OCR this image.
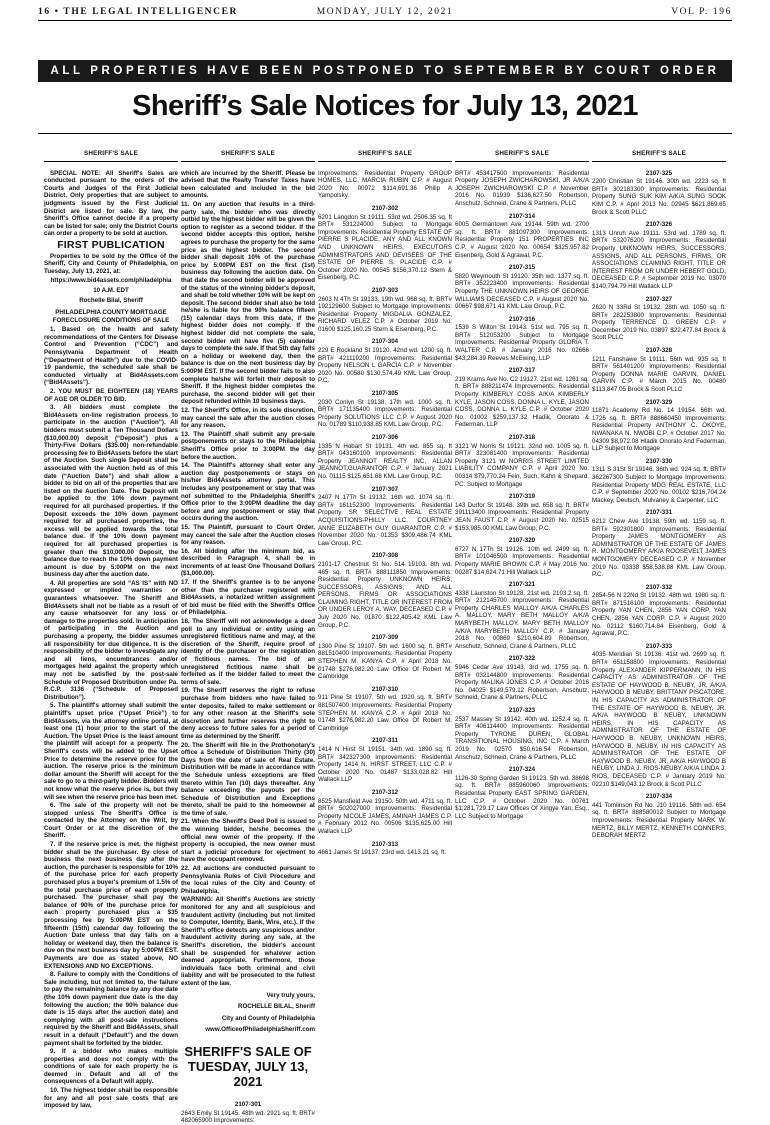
16 • THE LEGAL INTELLIGENCER	MONDAY, JULY 12, 2021	VOL P. 196
ALL PROPERTIES HAVE BEEN POSTPONED TO SEPTEMBER BY COURT ORDER
Sheriff’s Sale Notices for July 13, 2021
SHERIFF'S SALE

SPECIAL NOTE: All Sheriff's Sales are conducted pursuant to the orders of the Courts and Judges of the First Judicial District. Only properties that are subject to judgments issued by the First Judicial District are listed for sale. By law, the Sheriff's Office cannot decide if a property can be listed for sale; only the District Courts can order a property to be sold at auction.

FIRST PUBLICATION

Properties to be sold by the Office of the Sheriff, City and County of Philadelphia, on Tuesday, July 13, 2021, at:

https://www.bid4assets.com/philadelphia
10 A.M. EDT
Rochelle Bilal, Sheriff
PHILADELPHIA COUNTY MORTGAGE FORECLOSURE CONDITIONS OF SALE

1. Based on the health and safety recommendations of the Centers for Disease Control and Prevention (“CDC”) and Pennsylvania Department of Health (“Department of Health”) due to the COVID-19 pandemic, the scheduled sale shall be conducted virtually at Bid4Assets.com (“Bid4Assets”).

2. YOU MUST BE EIGHTEEN (18) YEARS OF AGE OR OLDER TO BID.

3. All bidders must complete the Bid4Assets on-line registration process to participate in the auction (“Auction”). All bidders must submit a Ten Thousand Dollars ($10,000.00) deposit (“Deposit”) plus a Thirty-Five Dollars ($35.00) non-refundable processing fee to Bid4Assets before the start of the Auction. Such single Deposit shall be associated with the Auction held as of this date (“Auction Date”) and shall allow a bidder to bid on all of the properties that are listed on the Auction Date. The Deposit will be applied to the 10% down payment required for all purchased properties. If the Deposit exceeds the 10% down payment required for all purchased properties, the excess will be applied towards the total balance due. If the 10% down payment required for all purchased properties is greater than the $10,000.00 Deposit, the balance due to reach the 10% down payment amount is due by 5:00PM on the next business day after the auction date.

4. All properties are sold “AS IS” with NO expressed or implied warranties or guarantees whatsoever. The Sheriff and Bid4Assets shall not be liable as a result of any cause whatsoever for any loss or damage to the properties sold. In anticipation of participating in the Auction and purchasing a property, the bidder assumes all responsibility for due diligence. It is the responsibility of the bidder to investigate any and all liens, encumbrances and/or mortgages held against the property which may not be satisfied by the post-sale Schedule of Proposed Distribution under Pa. R.C.P. 3136 (“Schedule of Proposed Distribution”).

5. The plaintiff's attorney shall submit the plaintiff's upset price (“Upset Price”) to Bid4Assets, via the attorney online portal, at least one (1) hour prior to the start of the Auction. The Upset Price is the least amount the plaintiff will accept for a property. The Sheriff's costs will be added to the Upset Price to determine the reserve price for the auction. The reserve price is the minimum dollar amount the Sheriff will accept for the sale to go to a third-party bidder. Bidders will not know what the reserve price is, but they will see when the reserve price has been met.

6. The sale of the property will not be stopped unless The Sheriff's Office is contacted by the Attorney on the Writ, by Court Order or at the discretion of the Sheriff.

7. If the reserve price is met, the highest bidder shall be the purchaser. By close of business the next business day after the auction, the purchaser is responsible for 10% of the purchase price for each property purchased plus a buyer's premium of 1.5% of the total purchase price of each property purchased. The purchaser shall pay the balance of 90% of the purchase price for each property purchased plus a $35 processing fee by 5:00PM EST on the fifteenth (15th) calendar day following the Auction Date unless that day falls on a holiday or weekend day, then the balance is due on the next business day by 5:00PM EST. Payments are due as stated above, NO EXTENSIONS AND NO EXCEPTIONS.

8. Failure to comply with the Conditions of Sale including, but not limited to, the failure to pay the remaining balance by any due date (the 10% down payment due date is the day following the auction; the 90% balance due date is 15 days after the auction date) and complying with all post-sale instructions required by the Sheriff and Bid4Assets, shall result in a default (“Default”) and the down payment shall be forfeited by the bidder.

9. If a bidder who makes multiple properties and does not comply with the conditions of sale for each property he is deemed in Default and all of the consequences of a Default will apply.

10. The highest bidder shall be responsible for any and all post sale costs that are imposed by law,

SHERIFF'S SALE

which are incurred by the Sheriff. Please be advised that the Realty Transfer Taxes have been calculated and included in the bid amounts.

11. On any auction that results in a third-party sale, the bidder who was directly outbid by the highest bidder will be given the option to register as a second bidder. If the second bidder accepts this option, he/she agrees to purchase the property for the same price as the highest bidder. The second bidder shall deposit 10% of the purchase price by 5:00PM EST on the first (1st) business day following the auction date. On that date the second bidder will be approved of the status of the winning bidder's deposit, and shall be told whether 10% will be kept on deposit. The second bidder shall also be told he/she is liable for the 90% balance fifteen (15) calendar days from this date, if the highest bidder does not comply. If the highest bidder did not complete the sale, second bidder will have five (5) calendar days to complete the sale. If that 5th day falls on a holiday or weekend day, then the balance is due on the next business day by 5:00PM EST. If the second bidder fails to also complete he/she will forfeit their deposit to Sheriff. If the highest bidder completes the purchase, the second bidder will get their deposit refunded within 10 business days.

12. The Sheriff's Office, in its sole discretion, may cancel the sale after the auction closes for any reason.

13. The Plaintiff shall submit any pre-sale postponements or stays to the Philadelphia Sheriff's Office prior to 3:00PM the day before the auction.

14. The Plaintiff's attorney shall enter any auction day postponements or stays on his/her Bid4Assets attorney portal. This includes any postponement or stay that was not submitted to the Philadelphia Sheriff's Office prior to the 3:00PM deadline the day before and any postponement or stay that occurs during the auction.

15. The Plaintiff, pursuant to Court Order, may cancel the sale after the Auction closes for any reason.

16. All bidding after the minimum bid, as described in Paragraph 4, shall be in increments of at least One Thousand Dollars ($1,000.00).

17. If the Sheriff's grantee is to be anyone other than the purchaser registered with Bid4Assets, a notarized written assignment of bid must be filed with the Sheriff's Office of Philadelphia.

18. The Sheriff will not acknowledge a deed poll to any individual or entity using an unregistered fictitious name and may, at the discretion of the Sheriff, require proof of identity of the purchaser or the registration of fictitious names. The bid of an unregistered fictitious name shall be forfeited as if the bidder failed to meet the terms of sale.

19. The Sheriff reserves the right to refuse purchase from bidders who have failed to enter deposits, failed to make settlement or for any other reason at the Sheriff's sole discretion and further reserves the right to deny access to future sales for a period of time as determined by the Sheriff.

20. The Sheriff will file in the Prothonotary's office a Schedule of Distribution Thirty (30) Days from the date of sale of Real Estate. Distribution will be made in accordance with the Schedule unless exceptions are filed thereto within Ten (10) days thereafter. Any balance exceeding the payouts per the Schedule of Distribution and Exceptions thereto, shall be paid to the homeowner at the time of sale.

21. When the Sheriff's Deed Poll is issued to the winning bidder, he/she becomes the official new owner of the property. If the property is occupied, the new owner must start a judicial procedure for ejectment to have the occupant removed.

22. All auctions are conducted pursuant to Pennsylvania Rules of Civil Procedure and the local rules of the City and County of Philadelphia.

WARNING: All Sheriff's Auctions are strictly monitored for any and all suspicious and fraudulent activity (including but not limited to Computer, Identity, Bank, Wire, etc.). If the Sheriff's office detects any suspicious and/or fraudulent activity during any sale, at the Sheriff's discretion, the bidder's account shall be suspended for whatever action deemed appropriate. Furthermore, those individuals face both criminal and civil liability and will be prosecuted to the fullest extent of the law.

Very truly yours,
ROCHELLE BILAL, Sheriff
City and County of Philadelphia
www.OfficeofPhiladelphiaSheriff.com
SHERIFF'S SALE OF TUESDAY, JULY 13, 2021
2107-301
2643 Emily St 19145. 48th wd. 2921 sq. ft. BRT# 482065900 Improvements:
SHERIFF'S SALE
Improvements: Residential Property GROUP HOMES, LLC, MARCIA RUBIN C.P. # August 2020 No. 00972 $114,691.36 Philip A Yampolsky.
2107-302
6201 Langdon St 19111. 53rd wd. 2506.35 sq. ft BRT# 531224000 Subject to Mortgage Improvements: Residential Property ESTATE OF PIERRE S PLACIDE, ANY AND ALL KNOWN AND UNKNOWN HEIRS, EXECUTORS ADMINISTRATORS AND DEVISEES OF THE ESTATE OF PIERRE S. PLACIDE C.P. # October 2020 No. 00545 $156,370.12 Stern & Eisenberg, P.C.
2107-303
2603 N 4Th St 19133. 19th wd. 968 sq. ft. BRT# 192129600 Subject to Mortgage Improvements: Residential Property MIGDALIA GONZALEZ, RICHARD VELEZ C.P. # October 2019 No. 01600 $125,160.25 Stern & Eisenberg, P.C.
2107-304
229 E Rockland St 19120. 42nd wd. 1200 sq. ft. BRT# 421119200 Improvements: Residential Property NELSON L GARCIA C.P. # November 2020 No. 00580 $130,574.49 KML Law Group, P.C.
2107-305
2030 Conlyn St 19138. 17th wd. 1000 sq. ft. BRT# 171135400 Improvements: Residential Property SOLUTIONS LLC C.P. # August 2020 No. 01789 $110,938.85 KML Law Group, P.C.
2107-306
1335 N Hobart St 19131. 4th wd. 855 sq. ft BRT# 043160100 Improvements: Residential Property JEANNOT REALTY INC, ALLAN JEANNOT,GUARANTOR C.P. # January 2021 No. 01115 $125,651.68 KML Law Group, P.C.
2107-307
2407 N 17Th St 19132. 16th wd. 1074 sq. ft. BRT# 161152300 Improvements: Residential Property SR SELECTIVE REAL ESTATE ACQUISITIONS-PHILLY LLC, COURTNEY ANNE ELIZABETH GUY GUARANTOR C.P. # November 2020 No. 01353 $309,486.74 KML Law Group, P.C.
2107-308
2101-17 Chestnut St No. 514 19103. 8th wd. 465 sq. ft. BRT# 888111850 Improvements: Residential Property UNKNOWN HEIRS, SUCCESSORS, ASSIGNS, AND ALL PERSONS, FIRMS OR ASSOCIATIONS CLAIMING RIGHT, TITLE OR INTEREST FROM OR UNDER LEROY A. WAY, DECEASED C.P. # July 2020 No. 01870 $122,405.42 KML Law Group, P.C.
2107-309
1300 Pine St 19107. 5th wd. 1600 sq. ft. BRT# 881510400 Improvements: Residential Property STEPHEN M. KANYA C.P. # April 2018 No. 01748 $276,982.20 Law Office Of Robert M. Cambridge
2107-310
911 Pine St 19107. 5th wd. 1920 sq. ft. BRT# 881507400 Improvements: Residential Property STEPHEN M. KANYA C.P. # April 2018 No. 01748 $276,982.20 Law Office Of Robert M. Cambridge
2107-311
1414 N Hirst St 19151. 34th wd. 1890 sq. ft. BRT# 342327300 Improvements: Residential Property 1414 N. HIRST STREET, LLC C.P. # October 2020 No. 01487 $133,028.82 Hill Wallack LLP
2107-312
8525 Mansfield Ave 19150. 50th wd. 4711 sq. ft. BRT# 502027000 Improvements: Residential Property NICOLE JAMES, AMINAH JAMES C.P. # February 2012 No. 00506 $135,625.00 Hill Wallack LLP
2107-313
4661 James St 19137. 23rd wd. 1413.21 sq. ft.
SHERIFF'S SALE
BRT# 453417500 Improvements: Residential Property JOSEPH ZWICHAROWSKI, JR A/K/A JOSEPH ZWICHAROWSKI C.P. # November 2016 No. 01939 $136,627.50 Robertson, Anschutz, Schneid, Crane & Partners, PLLC
2107-314
6005 Germantown Ave 19144. 59th wd. 2700 sq. ft. BRT# 881097300 Improvements: Residential Property 151 PROPERTIES INC C.P. # August 2020 No. 00654 $325,957.82 Eisenberg, Gold & Agrawal, P.C.
2107-315
5820 Weymouth St 19120. 35th wd. 1377 sq. ft. BRT# 352223400 Improvements: Residential Property THE UNKNOWN HEIRS OF GEORGE WILLIAMS DECEASED C.P. # August 2020 No. 00667 $98,671.41 KML Law Group, P.C.
2107-316
1539 S Wilton St 19143. 51st wd. 795 sq. ft. BRT# 512053200 Subject to Mortgage Improvements: Residential Property GLORIA T. WALTER C.P. # January 2016 No. 02666 $43,284.39 Reeves McEwing, LLP
2107-317
219 Krams Ave No. C2 19127. 21st wd. 1261 sq. ft. BRT# 888211474 Improvements: Residential Property KIMBERLY COSS A/K/A KIMBERLY KYLE, JASON COSS, DONNA L. KYLE, JASON COSS, DONNA L. KYLE C.P. # October 2020 No. 01002 $259,137.32 Hladik, Onorato & Federman, LLP
2107-318
3121 W Norris St 19121. 32nd wd. 1005 sq. ft. BRT# 323081400 Improvements: Residential Property 3121 W NORRIS STREET LIMITED LIABILITY COMPANY C.P. # April 2020 No. 00314 $79,770.24 Fein, Such, Kahn & Shepard, PC. Subject to Mortgage
2107-319
143 Durfor St 19148. 39th wd. 658 sq. ft. BRT# 391113400 Improvements: Residential Property JEAN FAUST C.P. # August 2020 No. 02515 $153,985.00 KML Law Group, P.C.
2107-320
6727 N 17Th St 19126. 10th wd. 2499 sq. ft. BRT# 101046500 Improvements: Residential Property MARIE BROWN C.P. # May 2016 No. 00287 $14,624.71 Hill Wallack LLP
2107-321
4338 Lauriston St 19128. 21st wd. 2103.2 sq. ft. BRT# 212145700 Improvements: Residential Property CHARLES MALLOY A/K/A CHARLES A. MALLOY, MARY BETH MALLOY A/K/A MARYBETH MALLOY, MARY BETH MALLOY A/K/A MARYBETH MALLOY C.P. # January 2018 No. 00869 $210,604.89 Robertson, Anschutz, Schneid, Crane & Partners, PLLC
2107-322
5946 Cedar Ave 19143. 3rd wd. 1755 sq. ft. BRT# 032144800 Improvements: Residential Property MALIKA JONES C.P. # October 2016 No. 04025 $149,579.12 Robertson, Anschutz, Schneid, Crane & Partners, PLLC
2107-323
2537 Massey St 19142. 40th wd. 1252.4 sq. ft. BRT# 406114400 Improvements: Residential Property TYRONE DUREN, GLOBAL TRANSITIONAL HOUSING, INC C.P. # March 2019 No. 02570 $50,616.54 Robertson, Anschutz, Schneid, Crane & Partners, PLLC
2107-324
1126-30 Spring Garden St 19123. 5th wd. 38698 sq. ft. BRT# 885960060 Improvements: Residential Property EAST SPRING GARDEN, LLC C.P. # October 2020 No. 00761 $1,281,729.17 Law Offices Of Xingye Yan, Esq., LLC Subject to Mortgage
SHERIFF'S SALE
2107-325
2200 Christian St 19146. 30th wd. 2223 sq. ft BRT# 302183300 Improvements: Residential Property SUNG SUK KIM A/K/A SUNG SOOK KIM C.P. # April 2013 No. 02945 $621,869.65 Brock & Scott PLLC
2107-326
1313 Unruh Ave 19111. 53rd wd. 1789 sq. ft. BRT# 532076200 Improvements: Residential Property UNKNOWN HEIRS, SUCCESSORS, ASSIGNS, AND ALL PERSONS, FIRMS, OR ASSOCIATIONS CLAIMING RIGHT, TITLE OR INTEREST FROM OR UNDER HEBERT GOLD, DECEASED C.P. # September 2019 No. 03070 $140,794.79 Hill Wallack LLP
2107-327
2620 N 33Rd St 19132. 28th wd. 1050 sq. ft. BRT# 282253800 Improvements: Residential Property TERRENCE D. GREEN C.P. # December 2019 No. 03897 $22,477.84 Brock & Scott PLLC
2107-328
1211 Fanshawe St 19111. 56th wd. 935 sq. ft BRT# 561401200 Improvements: Residential Property DONNA MARIE GARVIN, DANIEL GARVIN C.P. # March 2015 No. 00480 $113,847.05 Brock & Scott PLLC
2107-329
11871 Academy Rd No. 14 19154. 66th wd. 1726 sq. ft. BRT# 888660450 Improvements: Residential Property ANTHONY C. OKOYE, NWANAKA N. NWOBI C.P. # October 2017 No. 04309 $8,972.08 Hladik Onorato And Federman, LLP Subject to Mortgage
2107-330
1311 S 31St St 19146. 36th wd. 924 sq. ft. BRT# 362267300 Subject to Mortgage Improvements: Residential Property MDG REAL ESTATE, LLC C.P. # September 2020 No. 00102 $216,704.24 Mackey, Deutsch, Mulvaney & Carpenter, LLC
2107-331
6212 Chew Ave 19138. 59th wd. 1159 sq. ft. BRT# 592301800 Improvements: Residential Property JAMES MONTGOMERY AS ADMINISTRATOR OF THE ESTATE OF JAMES R. MONTGOMERY A/K/A ROOSEVELT JAMES MONTGOMERY DECEASED C.P. # November 2019 No. 03338 $58,538.88 KML Law Group, P.C.
2107-332
2854-56 N 22Nd St 19132. 48th wd. 1980 sq. ft. BRT# 871516100 Improvements: Residential Property YAN CHEN, 2856 YAN CORP. YAN CHEN, 2856 YAN CORP. C.P. # August 2020 No. 02112 $160,714.84 Eisenberg, Gold & Agrawal, P.C.
2107-333
4035 Meridian St 19136. 41st wd. 2699 sq. ft. BRT# 651158800 Improvements: Residential Property ALEXANDER KIPPERMANN, IN HIS CAPACITY AS ADMINISTRATOR OF THE ESTATE OF HAYWOOD B. NEUBY, JR. A/K/A HAYWOOD B NEUBY, BRITTANY PISCATORE, IN HIS CAPACITY AS ADMINISTRATOR OF THE ESTATE OF HAYWOOD B. NEUBY, JR. A/K/A HAYWOOD B NEUBY, UNKNOWN HEIRS, IN HIS CAPACITY AS ADMINISTRATOR OF THE ESTATE OF HAYWOOD B. NEUBY, UNKNOWN HEIRS, HAYWOOD B. NEUBY, IN HIS CAPACITY AS ADMINISTRATOR OF THE ESTATE OF HAYWOOD B. NEUBY, JR. A/K/A HAYWOOD B NEUBY, LINDA J. RIOS-NEUBY A/K/A LINDA J. RIOS, DECEASED C.P. # January 2019 No. 02210 $149,043.12 Brock & Scott PLLC
2107-334
441 Tomlinson Rd No. J10 19116. 58th wd. 654 sq. ft. BRT# 888580012 Subject to Mortgage Improvements: Residential Property MARK W. MERTZ, BILLY MERTZ, KENNETH CONNERS, DEBORAH MERTZ
